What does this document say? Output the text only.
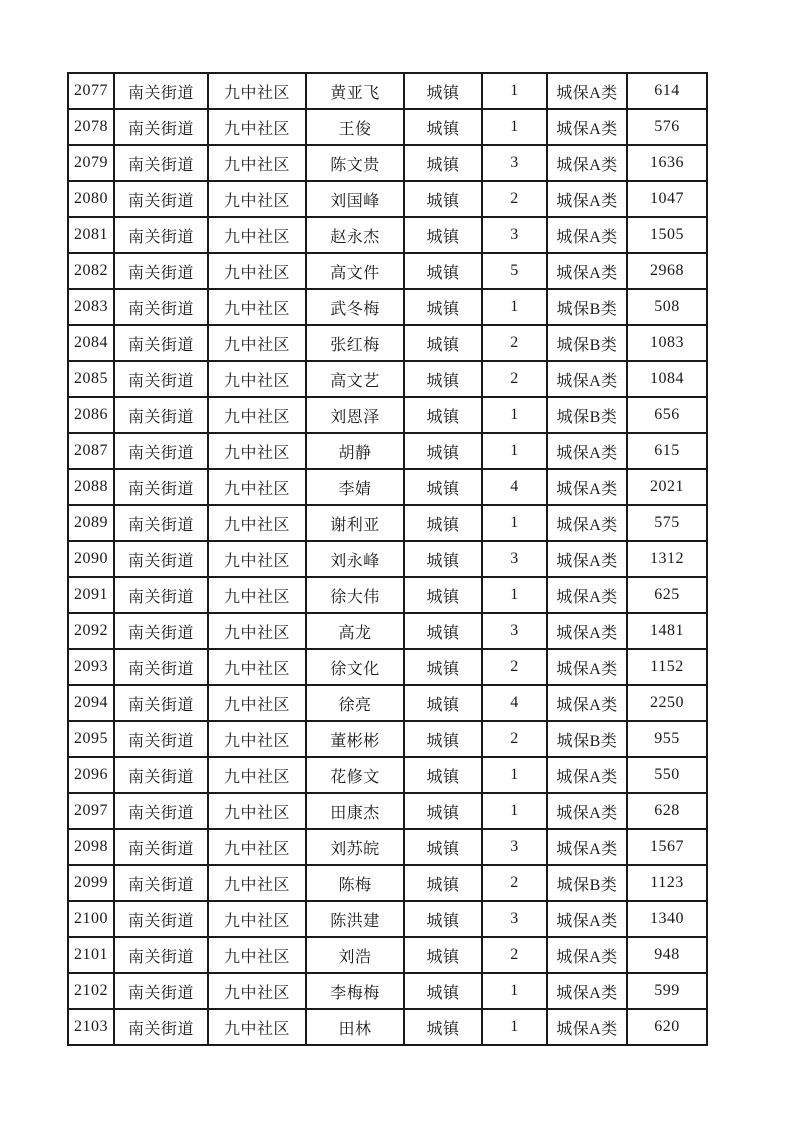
2077	南关街道	九中社区	黄亚飞	城镇	1	城保A类	614
2078	南关街道	九中社区	王俊	城镇	1	城保A类	576
2079	南关街道	九中社区	陈文贵	城镇	3	城保A类	1636
2080	南关街道	九中社区	刘国峰	城镇	2	城保A类	1047
2081	南关街道	九中社区	赵永杰	城镇	3	城保A类	1505
2082	南关街道	九中社区	高文件	城镇	5	城保A类	2968
2083	南关街道	九中社区	武冬梅	城镇	1	城保B类	508
2084	南关街道	九中社区	张红梅	城镇	2	城保B类	1083
2085	南关街道	九中社区	高文艺	城镇	2	城保A类	1084
2086	南关街道	九中社区	刘恩泽	城镇	1	城保B类	656
2087	南关街道	九中社区	胡静	城镇	1	城保A类	615
2088	南关街道	九中社区	李婧	城镇	4	城保A类	2021
2089	南关街道	九中社区	谢利亚	城镇	1	城保A类	575
2090	南关街道	九中社区	刘永峰	城镇	3	城保A类	1312
2091	南关街道	九中社区	徐大伟	城镇	1	城保A类	625
2092	南关街道	九中社区	高龙	城镇	3	城保A类	1481
2093	南关街道	九中社区	徐文化	城镇	2	城保A类	1152
2094	南关街道	九中社区	徐亮	城镇	4	城保A类	2250
2095	南关街道	九中社区	董彬彬	城镇	2	城保B类	955
2096	南关街道	九中社区	花修文	城镇	1	城保A类	550
2097	南关街道	九中社区	田康杰	城镇	1	城保A类	628
2098	南关街道	九中社区	刘苏皖	城镇	3	城保A类	1567
2099	南关街道	九中社区	陈梅	城镇	2	城保B类	1123
2100	南关街道	九中社区	陈洪建	城镇	3	城保A类	1340
2101	南关街道	九中社区	刘浩	城镇	2	城保A类	948
2102	南关街道	九中社区	李梅梅	城镇	1	城保A类	599
2103	南关街道	九中社区	田林	城镇	1	城保A类	620
